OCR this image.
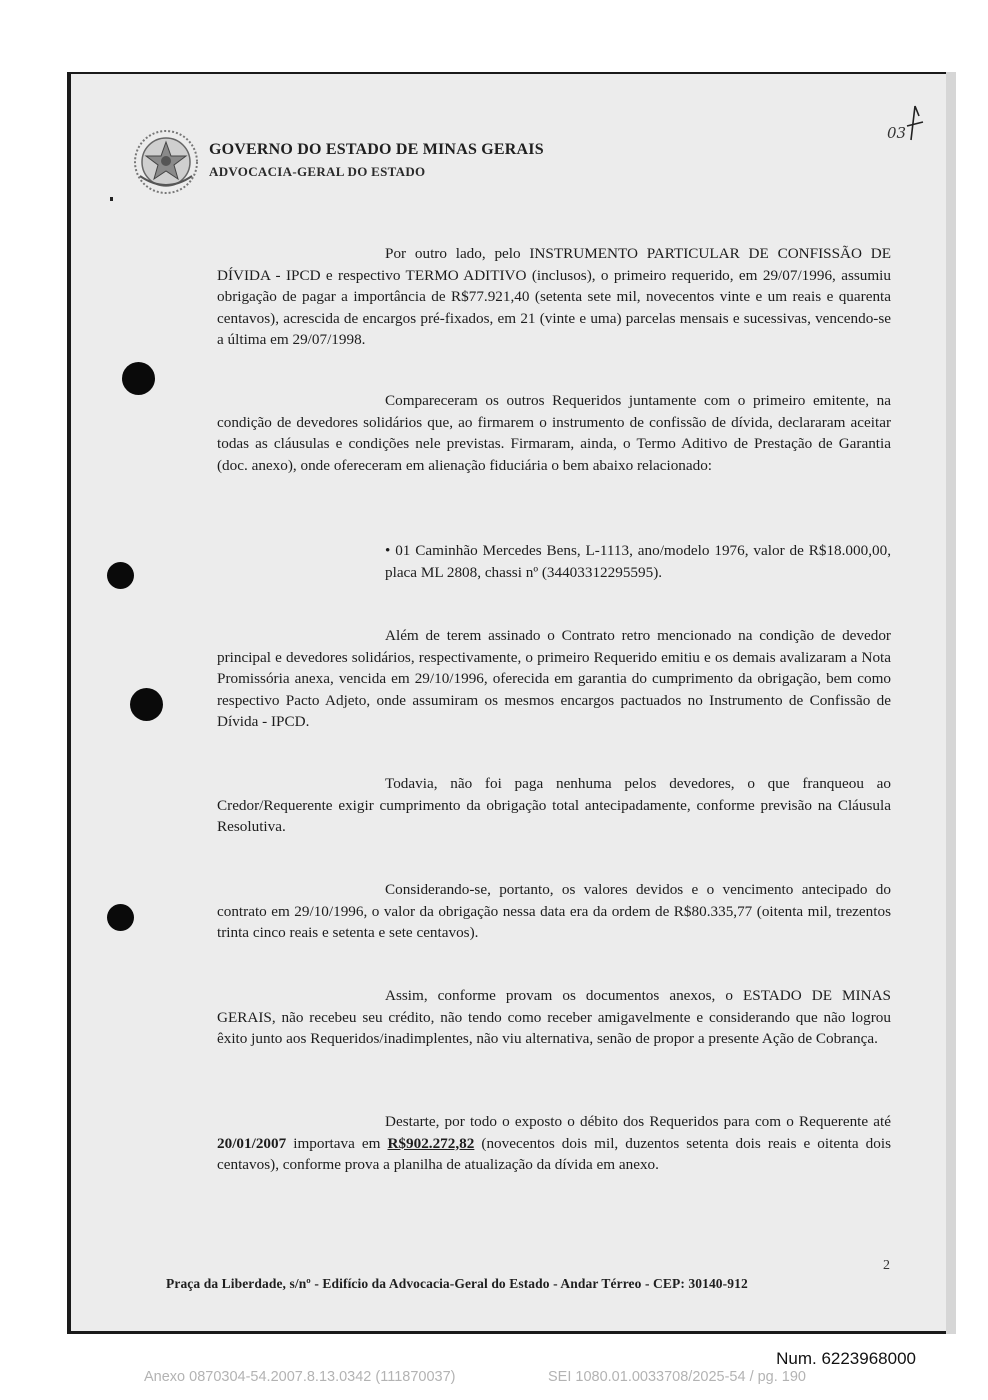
GOVERNO DO ESTADO DE MINAS GERAIS
ADVOCACIA-GERAL DO ESTADO
03
Por outro lado, pelo INSTRUMENTO PARTICULAR DE CONFISSÃO DE DÍVIDA - IPCD e respectivo TERMO ADITIVO (inclusos), o primeiro requerido, em 29/07/1996, assumiu obrigação de pagar a importância de R$77.921,40 (setenta sete mil, novecentos vinte e um reais e quarenta centavos), acrescida de encargos pré-fixados, em 21 (vinte e uma) parcelas mensais e sucessivas, vencendo-se a última em 29/07/1998.
Compareceram os outros Requeridos juntamente com o primeiro emitente, na condição de devedores solidários que, ao firmarem o instrumento de confissão de dívida, declararam aceitar todas as cláusulas e condições nele previstas. Firmaram, ainda, o Termo Aditivo de Prestação de Garantia (doc. anexo), onde ofereceram em alienação fiduciária o bem abaixo relacionado:
• 01 Caminhão Mercedes Bens, L-1113, ano/modelo 1976, valor de R$18.000,00, placa ML 2808, chassi nº (34403312295595).
Além de terem assinado o Contrato retro mencionado na condição de devedor principal e devedores solidários, respectivamente, o primeiro Requerido emitiu e os demais avalizaram a Nota Promissória anexa, vencida em 29/10/1996, oferecida em garantia do cumprimento da obrigação, bem como respectivo Pacto Adjeto, onde assumiram os mesmos encargos pactuados no Instrumento de Confissão de Dívida - IPCD.
Todavia, não foi paga nenhuma pelos devedores, o que franqueou ao Credor/Requerente exigir cumprimento da obrigação total antecipadamente, conforme previsão na Cláusula Resolutiva.
Considerando-se, portanto, os valores devidos e o vencimento antecipado do contrato em 29/10/1996, o valor da obrigação nessa data era da ordem de R$80.335,77 (oitenta mil, trezentos trinta cinco reais e setenta e sete centavos).
Assim, conforme provam os documentos anexos, o ESTADO DE MINAS GERAIS, não recebeu seu crédito, não tendo como receber amigavelmente e considerando que não logrou êxito junto aos Requeridos/inadimplentes, não viu alternativa, senão de propor a presente Ação de Cobrança.
Destarte, por todo o exposto o débito dos Requeridos para com o Requerente até 20/01/2007 importava em R$902.272,82 (novecentos dois mil, duzentos setenta dois reais e oitenta dois centavos), conforme prova a planilha de atualização da dívida em anexo.
2
Praça da Liberdade, s/nº - Edifício da Advocacia-Geral do Estado - Andar Térreo - CEP: 30140-912
Num. 6223968000
Anexo 0870304-54.2007.8.13.0342 (111870037)	SEI 1080.01.0033708/2025-54 / pg. 190
